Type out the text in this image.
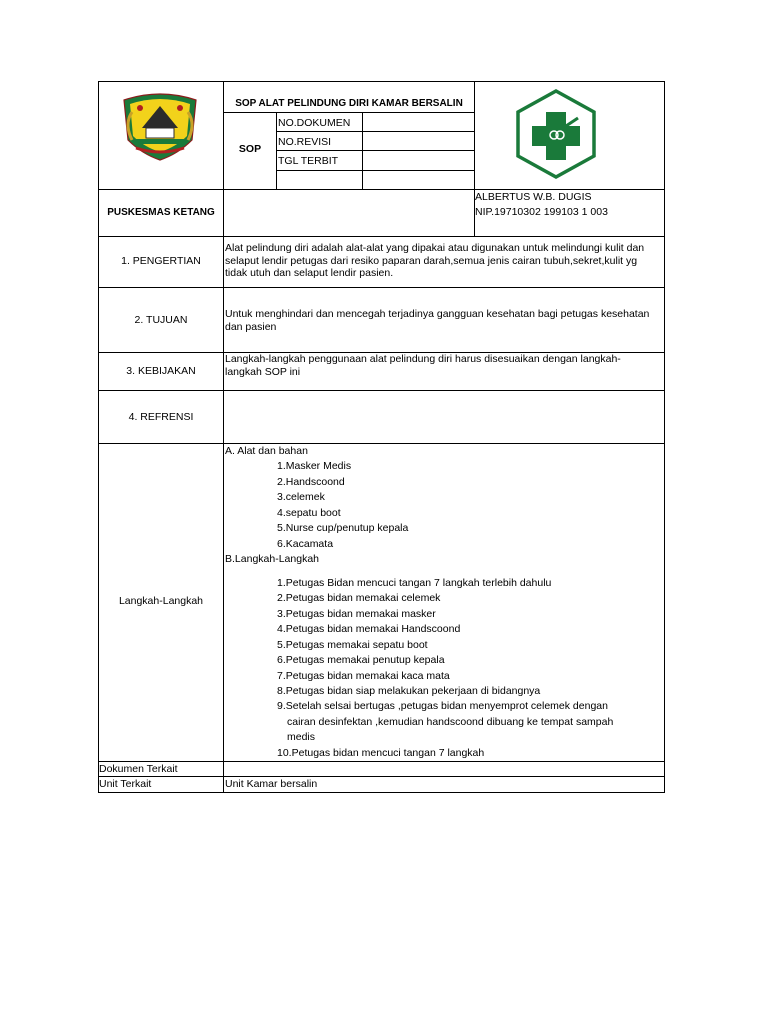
SOP ALAT PELINDUNG DIRI KAMAR BERSALIN
SOP
NO.DOKUMEN
NO.REVISI
TGL TERBIT
PUSKESMAS KETANG
ALBERTUS W.B. DUGIS
NIP.19710302 199103 1 003
1. PENGERTIAN
2. TUJUAN
3. KEBIJAKAN
4. REFRENSI
Langkah-Langkah
Dokumen Terkait
Unit Terkait
Alat pelindung diri adalah alat-alat yang dipakai atau digunakan untuk melindungi kulit dan selaput lendir petugas dari resiko paparan darah,semua jenis cairan tubuh,sekret,kulit yg tidak utuh dan selaput lendir pasien.
Untuk menghindari dan mencegah terjadinya gangguan kesehatan bagi petugas kesehatan dan pasien
Langkah-langkah penggunaan alat pelindung diri harus disesuaikan dengan langkah-langkah SOP ini
A. Alat dan bahan
1.Masker Medis
2.Handscoond
3.celemek
4.sepatu boot
5.Nurse cup/penutup kepala
6.Kacamata
B.Langkah-Langkah
1.Petugas Bidan mencuci tangan 7 langkah terlebih dahulu
2.Petugas bidan memakai celemek
3.Petugas bidan memakai masker
4.Petugas bidan memakai Handscoond
5.Petugas memakai sepatu boot
6.Petugas memakai penutup kepala
7.Petugas bidan memakai kaca mata
8.Petugas bidan siap melakukan pekerjaan di bidangnya
9.Setelah selsai bertugas ,petugas bidan menyemprot celemek dengan
cairan desinfektan ,kemudian handscoond dibuang ke tempat sampah
medis
10.Petugas bidan mencuci tangan 7 langkah
Unit Kamar bersalin
